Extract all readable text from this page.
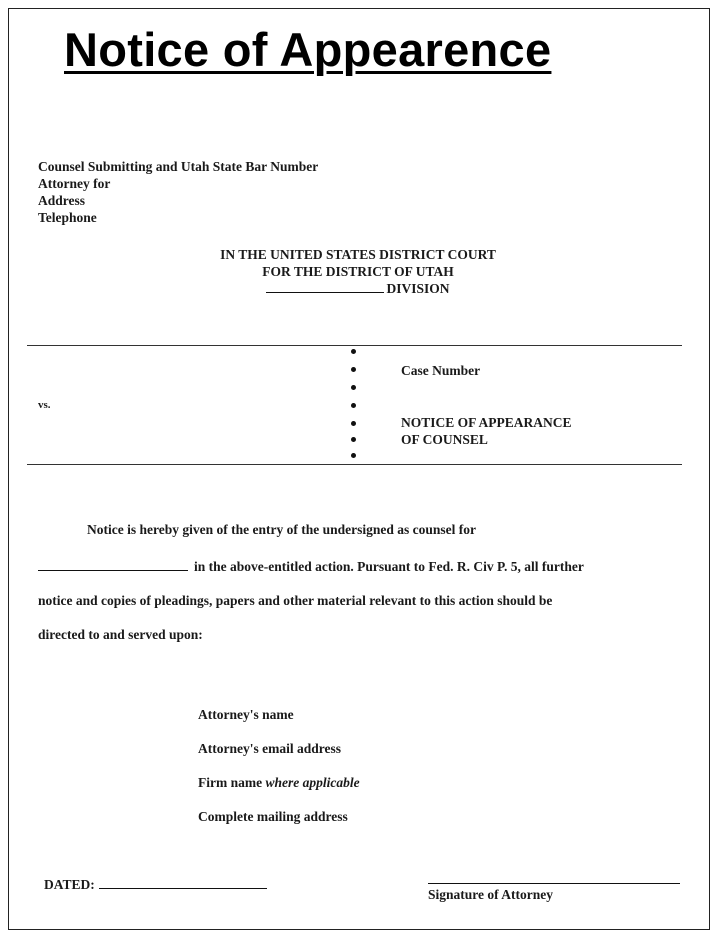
Notice of Appearence
Counsel Submitting and Utah State Bar Number
Attorney for
Address
Telephone
IN THE UNITED STATES DISTRICT COURT
FOR THE DISTRICT OF UTAH
DIVISION
vs.
Case Number
NOTICE OF APPEARANCE
OF COUNSEL
Notice is hereby given of the entry of the undersigned as counsel for
in the above-entitled action. Pursuant to Fed. R. Civ P. 5, all further
notice and copies of pleadings, papers and other material relevant to this action should be
directed to and served upon:
Attorney's name
Attorney's email address
Firm name where applicable
Complete mailing address
DATED:
Signature of Attorney
